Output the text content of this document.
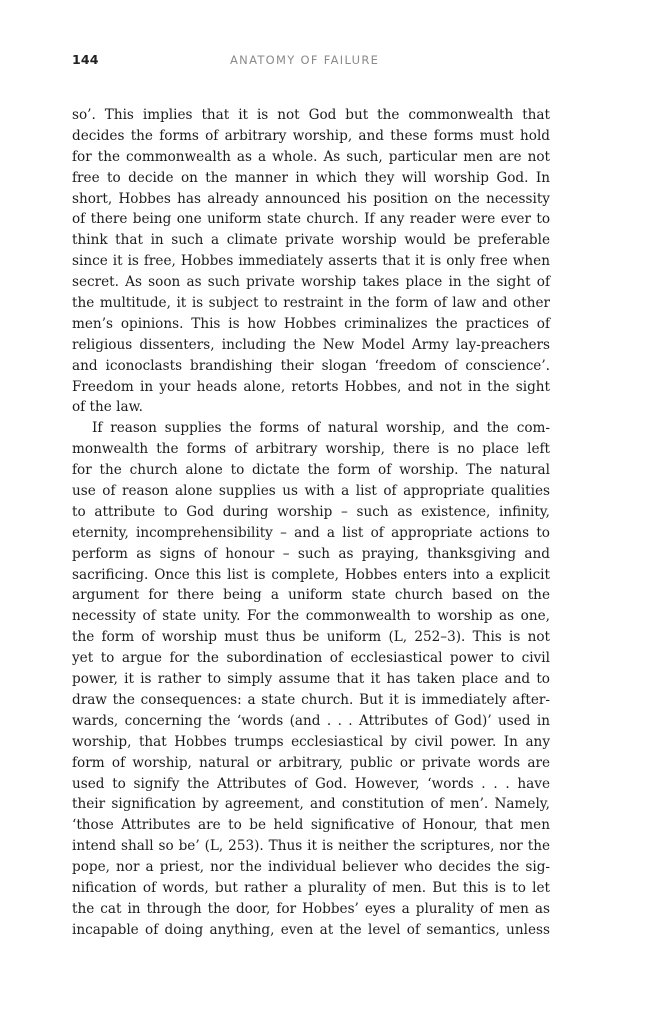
144	ANATOMY OF FAILURE
so’. This implies that it is not God but the commonwealth that
decides the forms of arbitrary worship, and these forms must hold
for the commonwealth as a whole. As such, particular men are not
free to decide on the manner in which they will worship God. In
short, Hobbes has already announced his position on the necessity
of there being one uniform state church. If any reader were ever to
think that in such a climate private worship would be preferable
since it is free, Hobbes immediately asserts that it is only free when
secret. As soon as such private worship takes place in the sight of
the multitude, it is subject to restraint in the form of law and other
men’s opinions. This is how Hobbes criminalizes the practices of
religious dissenters, including the New Model Army lay-preachers
and iconoclasts brandishing their slogan ‘freedom of conscience’.
Freedom in your heads alone, retorts Hobbes, and not in the sight
of the law.
If reason supplies the forms of natural worship, and the com-
monwealth the forms of arbitrary worship, there is no place left
for the church alone to dictate the form of worship. The natural
use of reason alone supplies us with a list of appropriate qualities
to attribute to God during worship – such as existence, infinity,
eternity, incomprehensibility – and a list of appropriate actions to
perform as signs of honour – such as praying, thanksgiving and
sacrificing. Once this list is complete, Hobbes enters into a explicit
argument for there being a uniform state church based on the
necessity of state unity. For the commonwealth to worship as one,
the form of worship must thus be uniform (L, 252–3). This is not
yet to argue for the subordination of ecclesiastical power to civil
power, it is rather to simply assume that it has taken place and to
draw the consequences: a state church. But it is immediately after-
wards, concerning the ‘words (and . . . Attributes of God)’ used in
worship, that Hobbes trumps ecclesiastical by civil power. In any
form of worship, natural or arbitrary, public or private words are
used to signify the Attributes of God. However, ‘words . . . have
their signification by agreement, and constitution of men’. Namely,
‘those Attributes are to be held significative of Honour, that men
intend shall so be’ (L, 253). Thus it is neither the scriptures, nor the
pope, nor a priest, nor the individual believer who decides the sig-
nification of words, but rather a plurality of men. But this is to let
the cat in through the door, for Hobbes’ eyes a plurality of men as
incapable of doing anything, even at the level of semantics, unless
